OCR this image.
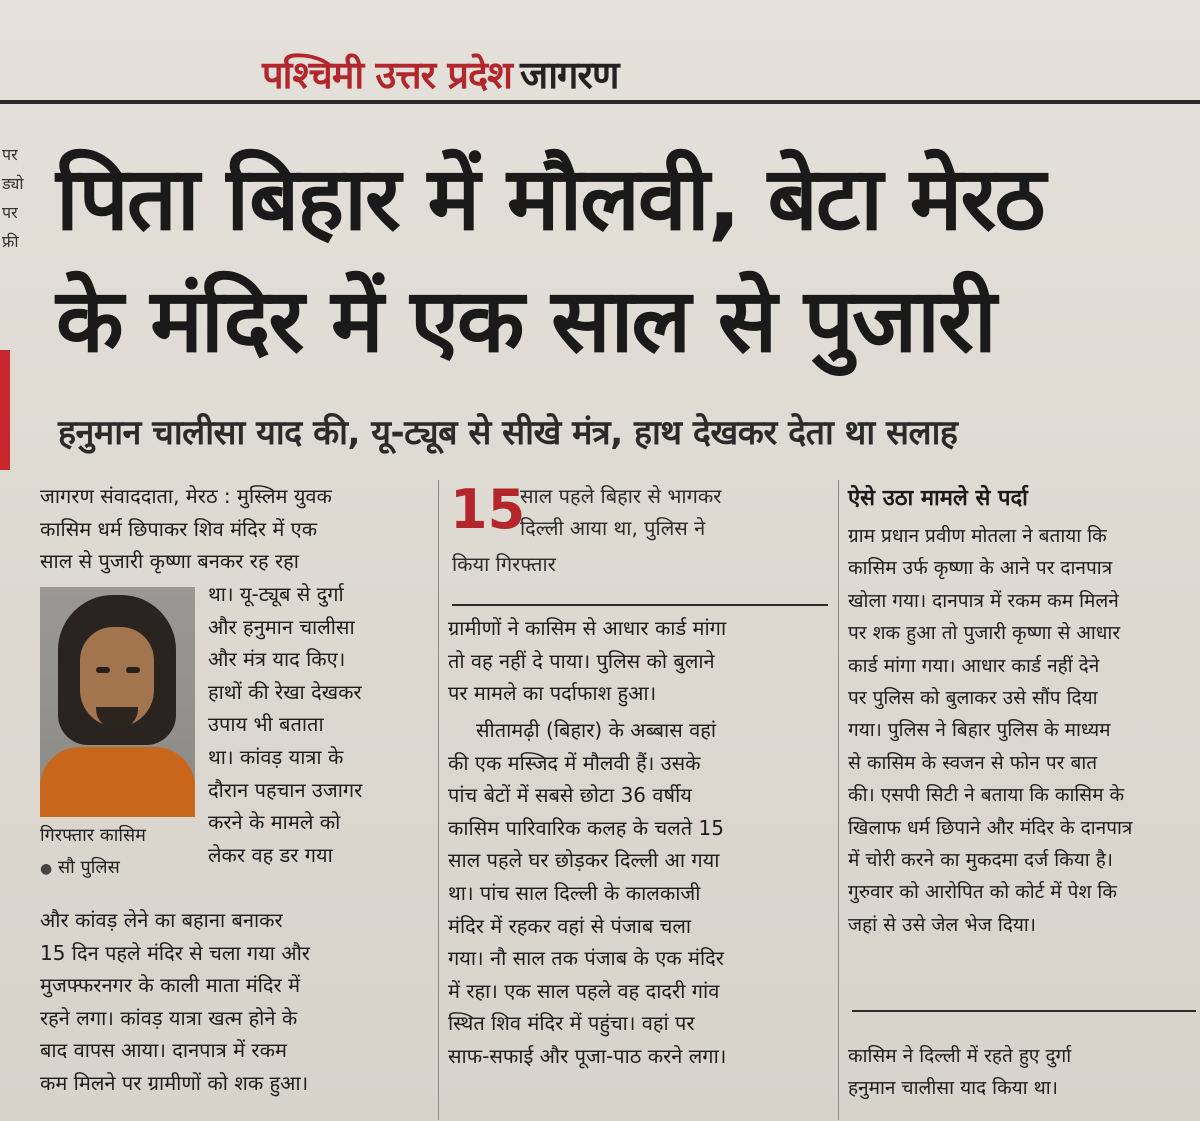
पश्चिमी उत्तर प्रदेश जागरण
पर
ड्यो
पर
फ्री पिता बिहार में मौलवी, बेटा मेरठ
के मंदिर में एक साल से पुजारी
हनुमान चालीसा याद की, यू-ट्यूब से सीखे मंत्र, हाथ देखकर देता था सलाह

जागरण संवाददाता, मेरठ : मुस्लिम युवक

कासिम धर्म छिपाकर शिव मंदिर में एक

साल से पुजारी कृष्णा बनकर रह रहा

था। यू-ट्यूब से दुर्गा

और हनुमान चालीसा

और मंत्र याद किए।

हाथों की रेखा देखकर

उपाय भी बताता

था। कांवड़ यात्रा के

दौरान पहचान उजागर

करने के मामले को

लेकर वह डर गया

गिरफ्तार कासिम
● सौ पुलिस

और कांवड़ लेने का बहाना बनाकर

15 दिन पहले मंदिर से चला गया और

मुजफ्फरनगर के काली माता मंदिर में

रहने लगा। कांवड़ यात्रा खत्म होने के

बाद वापस आया। दानपात्र में रकम

कम मिलने पर ग्रामीणों को शक हुआ।

15
साल पहले बिहार से भागकर
दिल्ली आया था, पुलिस ने
किया गिरफ्तार

ग्रामीणों ने कासिम से आधार कार्ड मांगा

तो वह नहीं दे पाया। पुलिस को बुलाने

पर मामले का पर्दाफाश हुआ।

सीतामढ़ी (बिहार) के अब्बास वहां

की एक मस्जिद में मौलवी हैं। उसके

पांच बेटों में सबसे छोटा 36 वर्षीय

कासिम पारिवारिक कलह के चलते 15

साल पहले घर छोड़कर दिल्ली आ गया

था। पांच साल दिल्ली के कालकाजी

मंदिर में रहकर वहां से पंजाब चला

गया। नौ साल तक पंजाब के एक मंदिर

में रहा। एक साल पहले वह दादरी गांव

स्थित शिव मंदिर में पहुंचा। वहां पर

साफ-सफाई और पूजा-पाठ करने लगा।

ऐसे उठा मामले से पर्दा

ग्राम प्रधान प्रवीण मोतला ने बताया कि

कासिम उर्फ कृष्णा के आने पर दानपात्र

खोला गया। दानपात्र में रकम कम मिलने

पर शक हुआ तो पुजारी कृष्णा से आधार

कार्ड मांगा गया। आधार कार्ड नहीं देने

पर पुलिस को बुलाकर उसे सौंप दिया

गया। पुलिस ने बिहार पुलिस के माध्यम

से कासिम के स्वजन से फोन पर बात

की। एसपी सिटी ने बताया कि कासिम के

खिलाफ धर्म छिपाने और मंदिर के दानपात्र

में चोरी करने का मुकदमा दर्ज किया है।

गुरुवार को आरोपित को कोर्ट में पेश कि

जहां से उसे जेल भेज दिया।

कासिम ने दिल्ली में रहते हुए दुर्गा

हनुमान चालीसा याद किया था।
